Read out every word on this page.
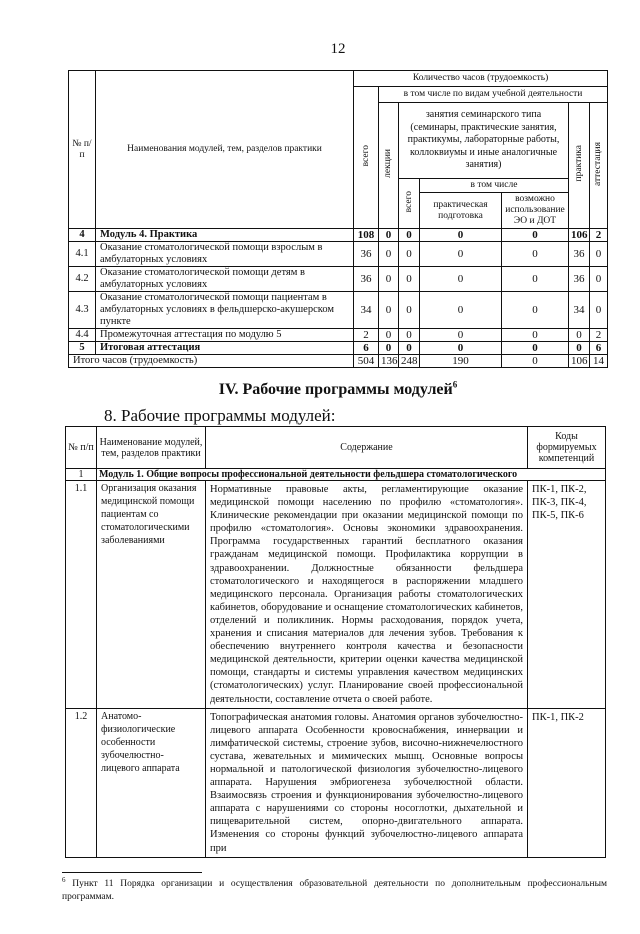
12
№ п/п	Наименования модулей, тем, разделов практики	Количество часов (трудоемкость)						
		всего	в том числе по видам учебной деятельности					
			лекции	занятия семинарского типа (семинары, практические занятия, практикумы, лабораторные работы, коллоквиумы и иные аналогичные занятия)			практика	аттестация
				всего	в том числе			
					практическая подготовка	возможно использование ЭО и ДОТ		
4	Модуль 4. Практика	108	0	0	0	0	106	2
4.1	Оказание стоматологической помощи взрослым в амбулаторных условиях	36	0	0	0	0	36	0
4.2	Оказание стоматологической помощи детям в амбулаторных условиях	36	0	0	0	0	36	0
4.3	Оказание стоматологической помощи пациентам в амбулаторных условиях в фельдшерско-акушерском пункте	34	0	0	0	0	34	0
4.4	Промежуточная аттестация по модулю 5	2	0	0	0	0	0	2
5	Итоговая аттестация	6	0	0	0	0	0	6
Итого часов (трудоемкость)		504	136	248	190	0	106	14
IV. Рабочие программы модулей$^6$
8. Рабочие программы модулей:
№ п/п	Наименование модулей, тем, разделов практики	Содержание	Коды формируемых компетенций
1	Модуль 1. Общие вопросы профессиональной деятельности фельдшера стоматологического		
1.1	Организация оказания медицинской помощи пациентам со стоматологическими заболеваниями	Нормативные правовые акты, регламентирующие оказание медицинской помощи населению по профилю «стоматология». Клинические рекомендации при оказании медицинской помощи по профилю «стоматология». Основы экономики здравоохранения. Программа государственных гарантий бесплатного оказания гражданам медицинской помощи. Профилактика коррупции в здравоохранении. Должностные обязанности фельдшера стоматологического и находящегося в распоряжении младшего медицинского персонала. Организация работы стоматологических кабинетов, оборудование и оснащение стоматологических кабинетов, отделений и поликлиник. Нормы расходования, порядок учета, хранения и списания материалов для лечения зубов. Требования к обеспечению внутреннего контроля качества и безопасности медицинской деятельности, критерии оценки качества медицинской помощи, стандарты и системы управления качеством медицинских (стоматологических) услуг. Планирование своей профессиональной деятельности, составление отчета о своей работе.	ПК-1, ПК-2, ПК-3, ПК-4, ПК-5, ПК-6
1.2	Анатомо-физиологические особенности зубочелюстно-лицевого аппарата	Топографическая анатомия головы. Анатомия органов зубочелюстно-лицевого аппарата Особенности кровоснабжения, иннервации и лимфатической системы, строение зубов, височно-нижнечелюстного сустава, жевательных и мимических мышц. Основные вопросы нормальной и патологической физиология зубочелюстно-лицевого аппарата. Нарушения эмбриогенеза зубочелюстной области. Взаимосвязь строения и функционирования зубочелюстно-лицевого аппарата с нарушениями со стороны носоглотки, дыхательной и пищеварительной систем, опорно-двигательного аппарата. Изменения со стороны функций зубочелюстно-лицевого аппарата при	ПК-1, ПК-2
$^6$ Пункт 11 Порядка организации и осуществления образовательной деятельности по дополнительным профессиональным программам.
